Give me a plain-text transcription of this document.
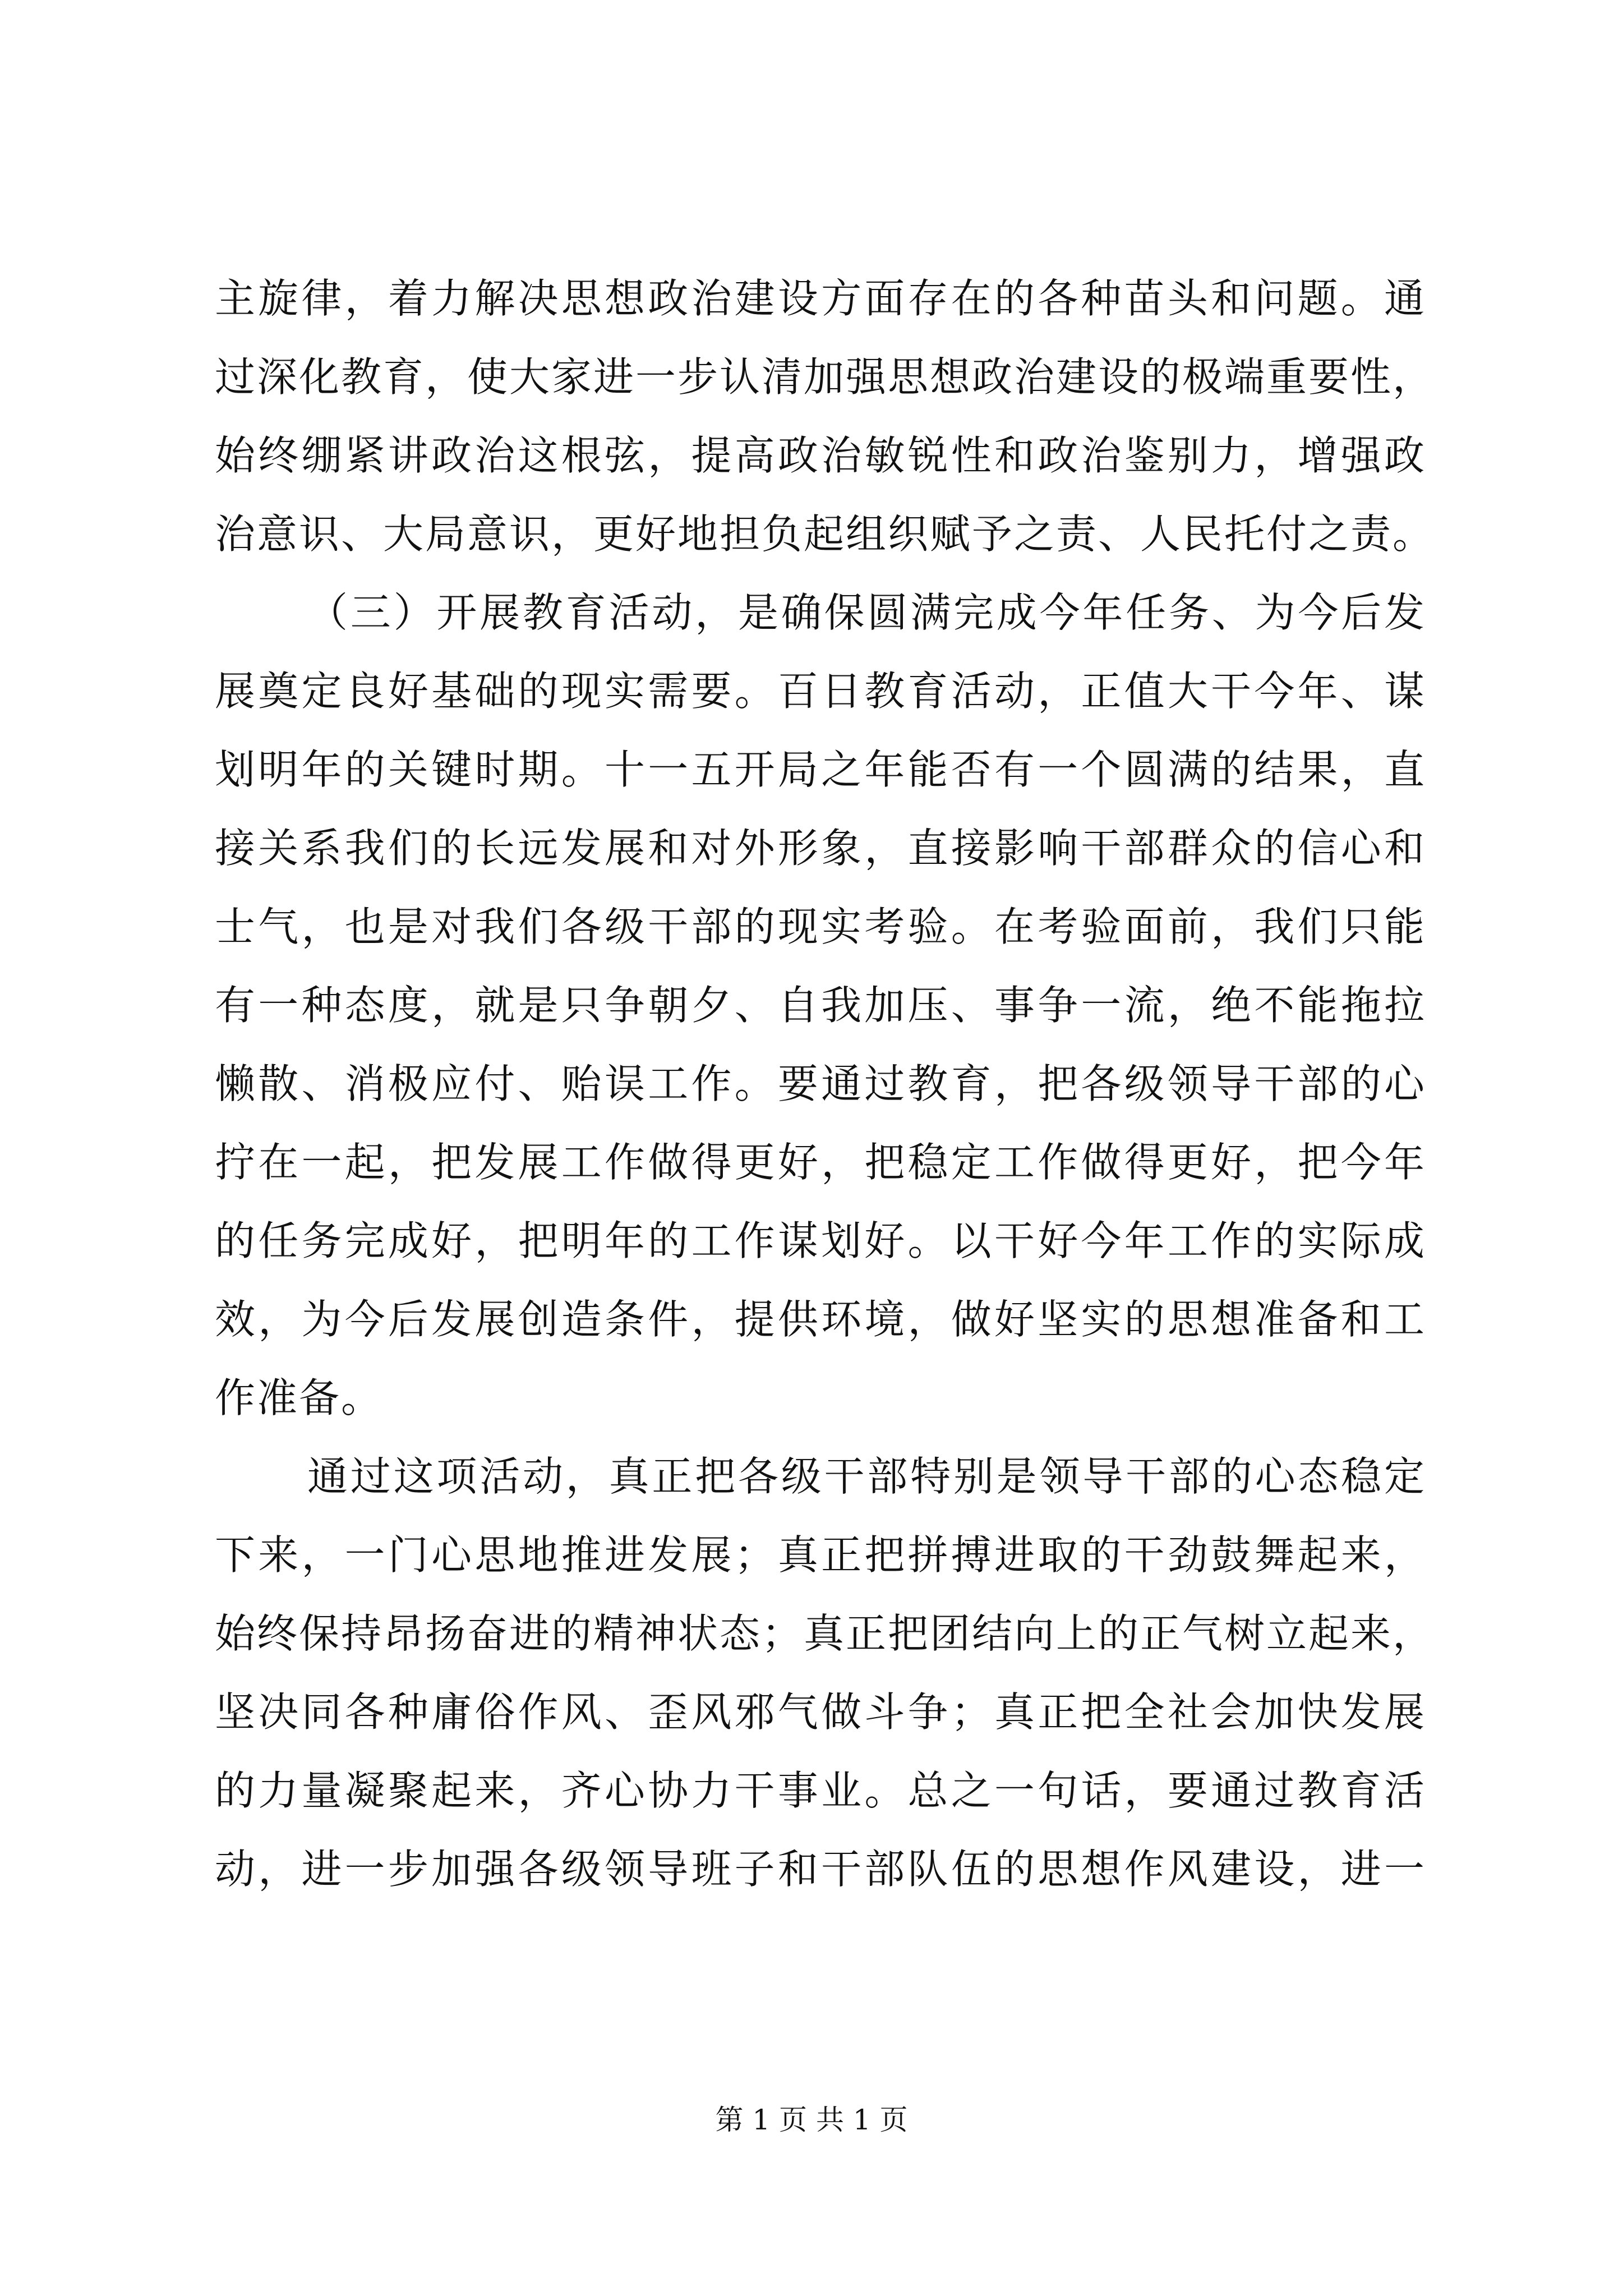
主旋律，着力解决思想政治建设方面存在的各种苗头和问题。通
过深化教育，使大家进一步认清加强思想政治建设的极端重要性，
始终绷紧讲政治这根弦，提高政治敏锐性和政治鉴别力，增强政
治意识、大局意识，更好地担负起组织赋予之责、人民托付之责。
（三）开展教育活动，是确保圆满完成今年任务、为今后发
展奠定良好基础的现实需要。百日教育活动，正值大干今年、谋
划明年的关键时期。十一五开局之年能否有一个圆满的结果，直
接关系我们的长远发展和对外形象，直接影响干部群众的信心和
士气，也是对我们各级干部的现实考验。在考验面前，我们只能
有一种态度，就是只争朝夕、自我加压、事争一流，绝不能拖拉
懒散、消极应付、贻误工作。要通过教育，把各级领导干部的心
拧在一起，把发展工作做得更好，把稳定工作做得更好，把今年
的任务完成好，把明年的工作谋划好。以干好今年工作的实际成
效，为今后发展创造条件，提供环境，做好坚实的思想准备和工
作准备。
通过这项活动，真正把各级干部特别是领导干部的心态稳定
下来，一门心思地推进发展；真正把拼搏进取的干劲鼓舞起来，
始终保持昂扬奋进的精神状态；真正把团结向上的正气树立起来，
坚决同各种庸俗作风、歪风邪气做斗争；真正把全社会加快发展
的力量凝聚起来，齐心协力干事业。总之一句话，要通过教育活
动，进一步加强各级领导班子和干部队伍的思想作风建设，进一
第 1 页 共 1 页
